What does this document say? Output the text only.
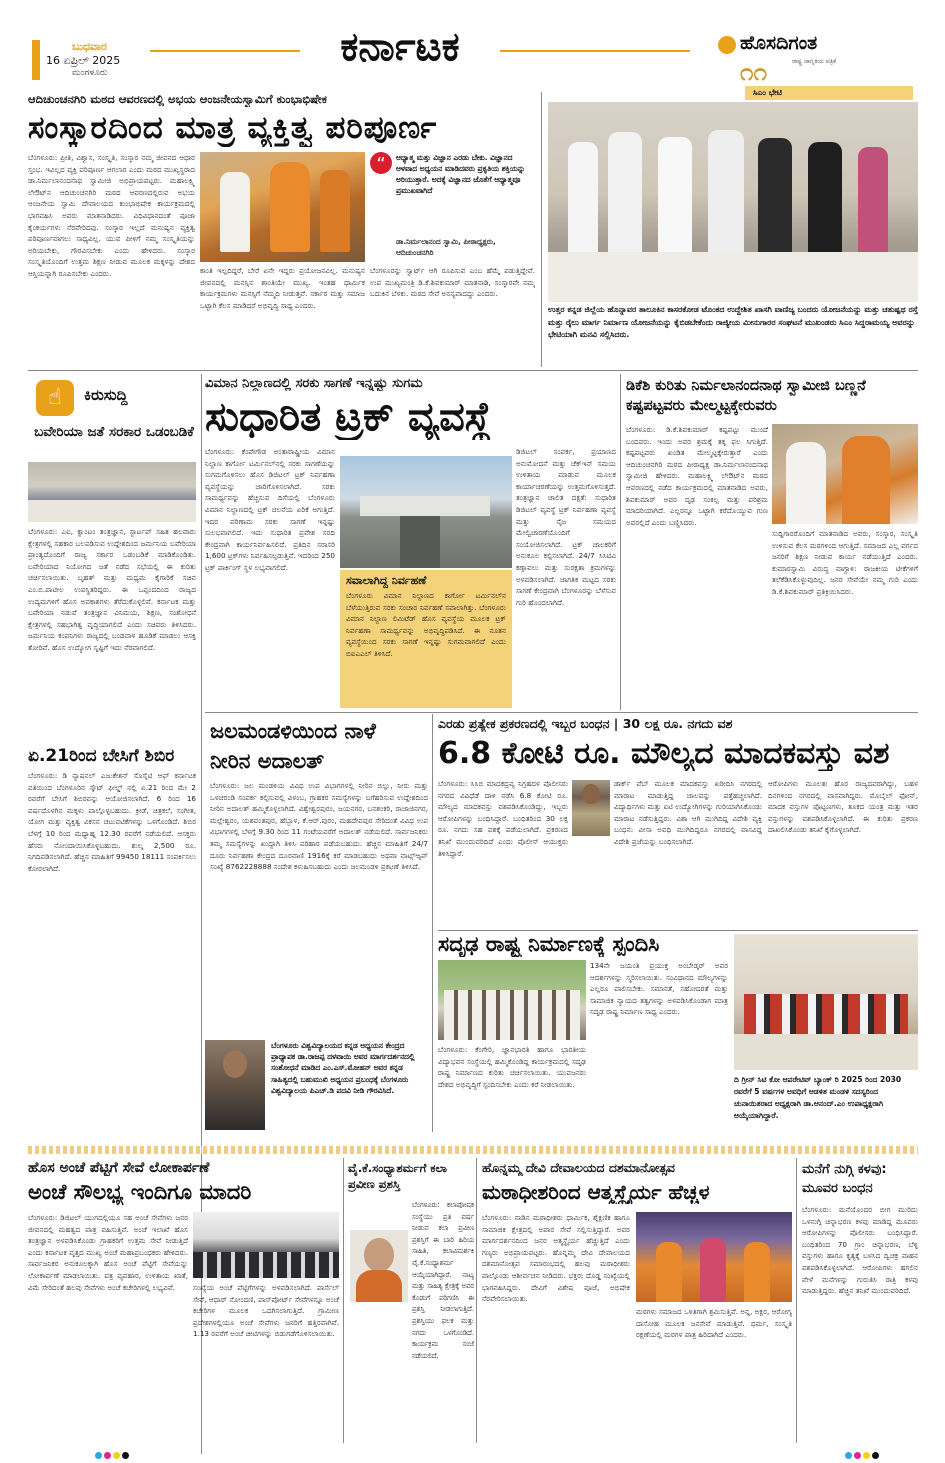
ಬುಧವಾರ
16 ಏಪ್ರಿಲ್ 2025
ಮಂಗಳೂರು
ಕರ್ನಾಟಕ	ಹೊಸದಿಗಂತ
ರಾಷ್ಟ್ರ ಜಾಗೃತಿಯ ಪತ್ರಿಕೆ
೧೧
ಆದಿಚುಂಚನಗಿರಿ ಮಠದ ಆವರಣದಲ್ಲಿ ಅಭಯ ಆಂಜನೇಯಸ್ವಾಮಿಗೆ ಕುಂಭಾಭಿಷೇಕ
ಸಂಸ್ಕಾರದಿಂದ ಮಾತ್ರ ವ್ಯಕ್ತಿತ್ವ ಪರಿಪೂರ್ಣ
ಬೆಂಗಳೂರು: ಪ್ರೀತಿ, ವಿಶ್ವಾಸ, ಸಂಸ್ಕೃತಿ, ಸಂಸ್ಕಾರ ನಮ್ಮ ಜೀವನದ ಆಧಾರ ಸ್ತಂಭ. ಇವಿಲ್ಲದ ವ್ಯಕ್ತಿ ಪರಿಪೂರ್ಣ ಆಗಲಾರ ಎಂದು ಮಠದ ಮುಖ್ಯಸ್ಥರಾದ ಡಾ.ನಿರ್ಮಲಾನಂದನಾಥ ಸ್ವಾಮೀಜಿ ಅಭಿಪ್ರಾಯಪಟ್ಟರು. ಮಹಾಲಕ್ಷ್ಮಿ ಲೇಔಟ್‌ನ ಆದಿಚುಂಚನಗಿರಿ ಮಠದ ಆವರಣದಲ್ಲಿರುವ ಅಭಯ ಆಂಜನೇಯ ಸ್ವಾಮಿ ದೇವಾಲಯದ ಕುಂಭಾಭಿಷೇಕ ಕಾರ್ಯಕ್ರಮದಲ್ಲಿ ಭಾಗವಹಿಸಿ ಅವರು ಮಾತನಾಡಿದರು. ವಿಧಿವಿಧಾನದಂತೆ ಪೂಜಾ ಕೈಂಕರ್ಯಗಳು ನೆರವೇರಿದವು. ಸಂಸ್ಕಾರ ಇಲ್ಲದೆ ಮನುಷ್ಯನ ವ್ಯಕ್ತಿತ್ವ ಪರಿಪೂರ್ಣವಾಗಲು ಸಾಧ್ಯವಿಲ್ಲ. ಯುವ ಪೀಳಿಗೆ ನಮ್ಮ ಸಂಸ್ಕೃತಿಯನ್ನು ಅರಿಯಬೇಕು, ಗೌರವಿಸಬೇಕು ಎಂದು ಹೇಳಿದರು. ಸಂಸ್ಕಾರ ಸಂಸ್ಕೃತಿಯೊಂದಿಗೆ ಉತ್ತಮ ಶಿಕ್ಷಣ ನೀಡುವ ಮೂಲಕ ಮಕ್ಕಳನ್ನು ದೇಶದ ಆಸ್ತಿಯನ್ನಾಗಿ ರೂಪಿಸಬೇಕು ಎಂದರು.
“	ಆಧ್ಯಾತ್ಮ ಮತ್ತು ವಿಜ್ಞಾನ ಎರಡು ಬೇಕು. ವಿಜ್ಞಾನದ ಆಳವಾದ ಅಧ್ಯಯನ ಮಾಡಿದವರು ಪ್ರಕೃತಿಯ ಶಕ್ತಿಯನ್ನು ಅರಿಯುತ್ತಾರೆ. ಅದಕ್ಕೆ ವಿಜ್ಞಾನದ ಜೊತೆಗೆ ಆಧ್ಯಾತ್ಮವೂ ಪ್ರಮುಖವಾಗಿದೆ
ಡಾ.ನಿರ್ಮಲಾನಂದ ಸ್ವಾಮಿ, ಪೀಠಾಧ್ಯಕ್ಷರು, ಆದಿಚುಂಚನಗಿರಿ
ಕಾಂತಿ ಇಲ್ಲದಿದ್ದರೆ, ಬೇರೆ ಏನೇ ಇದ್ದರು ಪ್ರಯೋಜನವಿಲ್ಲ. ಮನುಷ್ಯನ ಜೀವನದಲ್ಲಿ ಮನಸ್ಸಿನ ಶಾಂತಿಯೇ ಮುಖ್ಯ. ಇಂತಹ ಧಾರ್ಮಿಕ ಕಾರ್ಯಕ್ರಮಗಳು ಮನಸ್ಸಿಗೆ ನೆಮ್ಮದಿ ನೀಡುತ್ತವೆ. ಸರ್ಕಾರ ಮತ್ತು ಸಮಾಜ ಒಟ್ಟಾಗಿ ಕೆಲಸ ಮಾಡಿದರೆ ಅಭಿವೃದ್ಧಿ ಸಾಧ್ಯ ಎಂದರು.
ಬೆಂಗಳೂರನ್ನು ಸ್ವಾರ್ಟ್ ಆಗಿ ರೂಪಿಸುವ ಎಂಬ ಹೆಮ್ಮೆ ಪಡುತ್ತಿದ್ದೇವೆ. ಉಪ ಮುಖ್ಯಮಂತ್ರಿ ಡಿ.ಕೆ.ಶಿವಕುಮಾರ್ ಮಾತನಾಡಿ, ಸಂಸ್ಕಾರವೇ ನಮ್ಮ ಬದುಕಿನ ಬೆಳಕು. ಮಠದ ಸೇವೆ ಅನನ್ಯವಾದದ್ದು ಎಂದರು.
ಸಿಎಂ ಭೇಟಿ
ಉತ್ತರ ಕನ್ನಡ ಜಿಲ್ಲೆಯ ಹೊನ್ನಾವರ ತಾಲೂಕಿನ ಕಾಸರಕೋಡ ಟೊಂಕದ ಉದ್ದೇಶಿತ ಖಾಸಗಿ ವಾಣಿಜ್ಯ ಬಂದರು ಯೋಜನೆಯನ್ನು ಮತ್ತು ಚತುಷ್ಪಥ ರಸ್ತೆ ಮತ್ತು ರೈಲು ಮಾರ್ಗ ನಿರ್ಮಾಣ ಯೋಜನೆಯನ್ನು ಕೈಬಿಡಬೇಕೆಂದು ರಾಜ್ಯೀಯ ಮೀನುಗಾರರ ಸಂಘಟನೆ ಮುಖಂಡರು ಸಿಎಂ ಸಿದ್ದರಾಮಯ್ಯ ಅವರನ್ನು ಭೇಟಿಯಾಗಿ ಮನವಿ ಸಲ್ಲಿಸಿದರು.
☝	ಕಿರುಸುದ್ದಿ
ಬವೇರಿಯಾ ಜತೆ ಸರಕಾರ ಒಡಂಬಡಿಕೆ
ಬೆಂಗಳೂರು: ಎಐ, ಕ್ವಾಂಟಂ ತಂತ್ರಜ್ಞಾನ, ಸ್ಟಾರ್ಟಪ್ ಸಹಿತ ಹಲವಾರು ಕ್ಷೇತ್ರಗಳಲ್ಲಿ ಸಹಕಾರ ಬಲಪಡಿಸುವ ಉದ್ದೇಶದಿಂದ ಜರ್ಮನಿಯ ಬವೇರಿಯಾ ಪ್ರಾಂತ್ಯದೊಂದಿಗೆ ರಾಜ್ಯ ಸರ್ಕಾರ ಒಡಂಬಡಿಕೆ ಮಾಡಿಕೊಂಡಿತು. ಬವೇರಿಯಾದ ನಿಯೋಗದ ಜತೆ ನಡೆದ ಸಭೆಯಲ್ಲಿ ಈ ಕುರಿತು ಚರ್ಚಿಸಲಾಯಿತು. ಬೃಹತ್ ಮತ್ತು ಮಧ್ಯಮ ಕೈಗಾರಿಕೆ ಸಚಿವ ಎಂ.ಬಿ.ಪಾಟೀಲ ಉಪಸ್ಥಿತರಿದ್ದರು. ಈ ಒಪ್ಪಂದದಿಂದ ರಾಜ್ಯದ ಉದ್ಯಮಗಳಿಗೆ ಹೊಸ ಅವಕಾಶಗಳು ತೆರೆದುಕೊಳ್ಳಲಿವೆ. ಕರ್ನಾಟಕ ಮತ್ತು ಬವೇರಿಯಾ ನಡುವೆ ತಂತ್ರಜ್ಞಾನ ವಿನಿಮಯ, ಶಿಕ್ಷಣ, ಸಂಶೋಧನೆ ಕ್ಷೇತ್ರಗಳಲ್ಲಿ ಸಹಭಾಗಿತ್ವ ವೃದ್ಧಿಯಾಗಲಿದೆ ಎಂದು ಸಚಿವರು ತಿಳಿಸಿದರು. ಜರ್ಮನಿಯ ಕಂಪನಿಗಳು ರಾಜ್ಯದಲ್ಲಿ ಬಂಡವಾಳ ಹೂಡಿಕೆ ಮಾಡಲು ಆಸಕ್ತಿ ತೋರಿವೆ. ಹೊಸ ಉದ್ಯೋಗ ಸೃಷ್ಟಿಗೆ ಇದು ನೆರವಾಗಲಿದೆ.
ಏ.21ರಿಂದ ಬೇಸಿಗೆ ಶಿಬಿರ
ಬೆಂಗಳೂರು: ಡಿ ನ್ಯಾಷನಲ್ ಎಜುಕೇಶನ್ ಸೊಸೈಟಿ ಆಫ್ ಕರ್ನಾಟಕ ವತಿಯಿಂದ ಬೆಂಗಳೂರಿನ ಸ್ಕೌಟ್ ಫೀಲ್ಡ್ ನಲ್ಲಿ ಏ.21 ರಿಂದ ಮೇ 2 ರವರೆಗೆ ಬೇಸಿಗೆ ಶಿಬಿರವನ್ನು ಆಯೋಜಿಸಲಾಗಿದೆ. 6 ರಿಂದ 16 ವರ್ಷದೊಳಗಿನ ಮಕ್ಕಳು ಪಾಲ್ಗೊಳ್ಳಬಹುದು. ಕ್ರೀಡೆ, ಚಿತ್ರಕಲೆ, ಸಂಗೀತ, ಯೋಗ ಮತ್ತು ವ್ಯಕ್ತಿತ್ವ ವಿಕಸನ ಚಟುವಟಿಕೆಗಳನ್ನು ಒಳಗೊಂಡಿದೆ. ಶಿಬಿರ ಬೆಳಗ್ಗೆ 10 ರಿಂದ ಮಧ್ಯಾಹ್ನ 12.30 ರವರೆಗೆ ನಡೆಯಲಿದೆ. ಆಸಕ್ತರು ಹೆಸರು ನೋಂದಾಯಿಸಿಕೊಳ್ಳಬಹುದು. ಶುಲ್ಕ 2,500 ರೂ. ನಿಗದಿಪಡಿಸಲಾಗಿದೆ. ಹೆಚ್ಚಿನ ಮಾಹಿತಿಗೆ 99450 18111 ಸಂಪರ್ಕಿಸಲು ಕೋರಲಾಗಿದೆ.
ವಿಮಾನ ನಿಲ್ದಾಣದಲ್ಲಿ ಸರಕು ಸಾಗಣೆ ಇನ್ನಷ್ಟು ಸುಗಮ
ಸುಧಾರಿತ ಟ್ರಕ್ ವ್ಯವಸ್ಥೆ
ಬೆಂಗಳೂರು: ಕೆಂಪೇಗೌಡ ಅಂತಾರಾಷ್ಟ್ರೀಯ ವಿಮಾನ ನಿಲ್ದಾಣ ಕಾರ್ಗೋ ಟರ್ಮಿನಲ್‌ನಲ್ಲಿ ಸರಕು ಸಾಗಣೆಯನ್ನು ಸುಗಮಗೊಳಿಸಲು ಹೊಸ ಡಿಜಿಟಲ್ ಟ್ರಕ್ ನಿರ್ವಹಣಾ ವ್ಯವಸ್ಥೆಯನ್ನು ಜಾರಿಗೊಳಿಸಲಾಗಿದೆ. ಸರಕು ಸಾಮರ್ಥ್ಯವನ್ನು ಹೆಚ್ಚಿಸುವ ದಿಸೆಯಲ್ಲಿ ಬೆಂಗಳೂರು ವಿಮಾನ ನಿಲ್ದಾಣದಲ್ಲಿ ಟ್ರಕ್ ಚಲನೆಯ ಏರಿಕೆ ಆಗುತ್ತಿದೆ. ಇದರ ಪರಿಣಾಮ ಸರಕು ಸಾಗಣೆ ಇನ್ನಷ್ಟು ಸುಲಭವಾಗಲಿದೆ. ಇದು ಸುಧಾರಿತ ಪ್ರವೇಶ ಸರದಿ ಕೇಂದ್ರವಾಗಿ ಕಾರ್ಯನಿರ್ವಹಿಸಲಿದೆ. ಪ್ರತಿದಿನ ಸರಾಸರಿ 1,600 ಟ್ರಕ್‌ಗಳು ನಿರ್ವಹಿಸಲ್ಪಡುತ್ತಿವೆ. ಇದರಿಂದ 250 ಟ್ರಕ್ ಪಾರ್ಕಿಂಗ್ ಸ್ಥಳ ಲಭ್ಯವಾಗಲಿದೆ.
ಸವಾಲಾಗಿದ್ದ ನಿರ್ವಹಣೆ
ಬೆಂಗಳೂರು ವಿಮಾನ ನಿಲ್ದಾಣದ ಕಾರ್ಗೋ ಟರ್ಮಿನಲ್‌ನ ಬೆಳೆಯುತ್ತಿರುವ ಸರಕು ಸಂಚಾರ ನಿರ್ವಹಣೆ ಸವಾಲಾಗಿತ್ತು. ಬೆಂಗಳೂರು ವಿಮಾನ ನಿಲ್ದಾಣ ಲಿಮಿಟೆಡ್ ಹೊಸ ವ್ಯವಸ್ಥೆಯ ಮೂಲಕ ಟ್ರಕ್ ನಿರ್ವಹಣಾ ಸಾಮರ್ಥ್ಯವನ್ನು ಅಭಿವೃದ್ಧಿಪಡಿಸಿದೆ. ಈ ನೂತನ ವ್ಯವಸ್ಥೆಯಿಂದ ಸರಕು ಸಾಗಣೆ ಇನ್ನಷ್ಟು ಸುಗಮವಾಗಲಿದೆ ಎಂದು ಬಿಐಎಎಲ್ ತಿಳಿಸಿದೆ.
ಡಿಜಿಟಲ್ ಸಂಪರ್ಕ, ಪ್ರಯಾಣದ ಅನುಮೋದನೆ ಮತ್ತು ಚೆಕ್‌ಇನ್ ಸಮಯ ಉಳಿತಾಯ ಮಾಡುವ ಮೂಲಕ ಕಾರ್ಯಾಚರಣೆಯನ್ನು ಉತ್ತಮಗೊಳಿಸುತ್ತದೆ. ತಂತ್ರಜ್ಞಾನ ಚಾಲಿತ ದಕ್ಷತೆ: ಸುಧಾರಿತ ಡಿಜಿಟಲ್ ವ್ಯವಸ್ಥೆ ಟ್ರಕ್ ನಿರ್ವಹಣಾ ವ್ಯವಸ್ಥೆ ಮತ್ತು ನೈಜ ಸಮಯದ ಮೇಲ್ವಿಚಾರಣೆಯೊಂದಿಗೆ ಸಂಯೋಜಿಸಲಾಗಿದೆ. ಟ್ರಕ್ ಚಾಲಕರಿಗೆ ಅನುಕೂಲ ಕಲ್ಪಿಸಲಾಗಿದೆ. 24/7 ಸಿಸಿಟಿವಿ ಕಣ್ಗಾವಲು ಮತ್ತು ಸುರಕ್ಷತಾ ಕ್ರಮಗಳನ್ನು ಅಳವಡಿಸಲಾಗಿದೆ. ಜಾಗತಿಕ ಮಟ್ಟದ ಸರಕು ಸಾಗಣೆ ಕೇಂದ್ರವಾಗಿ ಬೆಂಗಳೂರನ್ನು ಬೆಳೆಸುವ ಗುರಿ ಹೊಂದಲಾಗಿದೆ.
ಡಿಕೆಶಿ ಕುರಿತು ನಿರ್ಮಲಾನಂದನಾಥ ಸ್ವಾಮೀಜಿ ಬಣ್ಣನೆ ಕಷ್ಟಪಟ್ಟವರು ಮೇಲ್ಮಟ್ಟಕ್ಕೇರುವರು
ಬೆಂಗಳೂರು: ಡಿ.ಕೆ.ಶಿವಕುಮಾರ್ ಕಷ್ಟಪಟ್ಟು ಮುಂದೆ ಬಂದವರು. ಇಂದು ಅವರ ಶ್ರಮಕ್ಕೆ ತಕ್ಕ ಫಲ ಸಿಗುತ್ತಿದೆ. ಕಷ್ಟಪಟ್ಟವರು ಖಂಡಿತ ಮೇಲ್ಮಟ್ಟಕ್ಕೇರುತ್ತಾರೆ ಎಂದು ಆದಿಚುಂಚನಗಿರಿ ಮಠದ ಪೀಠಾಧ್ಯಕ್ಷ ಡಾ.ನಿರ್ಮಲಾನಂದನಾಥ ಸ್ವಾಮೀಜಿ ಹೇಳಿದರು. ಮಹಾಲಕ್ಷ್ಮಿ ಲೇಔಟ್‌ನ ಮಠದ ಆವರಣದಲ್ಲಿ ನಡೆದ ಕಾರ್ಯಕ್ರಮದಲ್ಲಿ ಮಾತನಾಡಿದ ಅವರು, ಶಿವಕುಮಾರ್ ಅವರ ದೃಢ ಸಂಕಲ್ಪ ಮತ್ತು ಪರಿಶ್ರಮ ಮಾದರಿಯಾಗಿದೆ. ಎಲ್ಲರನ್ನೂ ಒಟ್ಟಾಗಿ ಕರೆದೊಯ್ಯುವ ಗುಣ ಅವರಲ್ಲಿದೆ ಎಂದು ಬಣ್ಣಿಸಿದರು.
ಸುದ್ದಿಗಾರರೊಂದಿಗೆ ಮಾತನಾಡಿದ ಅವರು, ಸಂಸ್ಕಾರ, ಸಂಸ್ಕೃತಿ ಉಳಿಸುವ ಕೆಲಸ ಮಠಗಳಿಂದ ಆಗುತ್ತಿದೆ. ಸಮಾಜದ ಎಲ್ಲ ವರ್ಗದ ಜನರಿಗೆ ಶಿಕ್ಷಣ ನೀಡುವ ಕಾರ್ಯ ನಡೆಯುತ್ತಿದೆ ಎಂದರು. ಕುಮಾರಸ್ವಾಮಿ ವಿರುದ್ಧ ವಾಗ್ದಾಳಿ: ರಾಜಕೀಯ ಟೀಕೆಗಳಿಗೆ ತಲೆಕೆಡಿಸಿಕೊಳ್ಳುವುದಿಲ್ಲ. ಜನರ ಸೇವೆಯೇ ನಮ್ಮ ಗುರಿ ಎಂದು ಡಿ.ಕೆ.ಶಿವಕುಮಾರ್ ಪ್ರತಿಕ್ರಿಯಿಸಿದರು.
ಜಲಮಂಡಳಿಯಿಂದ ನಾಳೆ ನೀರಿನ ಅದಾಲತ್
ಬೆಂಗಳೂರು: ಜಲ ಮಂಡಳಿಯ ವಿವಿಧ ಉಪ ವಿಭಾಗಗಳಲ್ಲಿ ನೀರಿನ ಬಿಲ್ಲು, ನೀರು ಮತ್ತು ಒಳಚರಂಡಿ ಸಂಪರ್ಕ ಕಲ್ಪಿಸುವಲ್ಲಿ ವಿಳಂಬ, ಗ್ರಾಹಕರ ಸಮಸ್ಯೆಗಳನ್ನು ಬಗೆಹರಿಸುವ ಉದ್ದೇಶದಿಂದ ನೀರಿನ ಅದಾಲತ್ ಹಮ್ಮಿಕೊಳ್ಳಲಾಗಿದೆ. ವಿಶ್ವೇಶ್ವರಪುರಂ, ಜಯನಗರ, ಬನಶಂಕರಿ, ರಾಜಾಜಿನಗರ, ಮಲ್ಲೇಶ್ವರಂ, ಯಶವಂತಪುರ, ಹೆಬ್ಬಾಳ, ಕೆ.ಆರ್.ಪುರಂ, ಮಹದೇವಪುರ ಸೇರಿದಂತೆ ವಿವಿಧ ಉಪ ವಿಭಾಗಗಳಲ್ಲಿ ಬೆಳಗ್ಗೆ 9.30 ರಿಂದ 11 ಗಂಟೆಯವರೆಗೆ ಅದಾಲತ್ ನಡೆಯಲಿದೆ. ಸಾರ್ವಜನಿಕರು ತಮ್ಮ ಸಮಸ್ಯೆಗಳನ್ನು ಖುದ್ದಾಗಿ ತಿಳಿಸಿ ಪರಿಹಾರ ಪಡೆಯಬಹುದು. ಹೆಚ್ಚಿನ ಮಾಹಿತಿಗೆ 24/7 ದೂರು ನಿರ್ವಹಣಾ ಕೇಂದ್ರದ ದೂರವಾಣಿ 1916ಕ್ಕೆ ಕರೆ ಮಾಡಬಹುದು ಅಥವಾ ವಾಟ್ಸ್ಆ್ಯಪ್ ಸಂಖ್ಯೆ 8762228888 ಸಂದೇಶ ಕಳುಹಿಸಬಹುದು ಎಂದು ಜಲಮಂಡಳಿ ಪ್ರಕಟಣೆ ತಿಳಿಸಿದೆ.
ಬೆಂಗಳೂರು ವಿಶ್ವವಿದ್ಯಾಲಯದ ಕನ್ನಡ ಅಧ್ಯಯನ ಕೇಂದ್ರದ ಪ್ರಾಧ್ಯಾಪಕ ಡಾ.ರಾಜಪ್ಪ ದಳವಾಯಿ ಅವರ ಮಾರ್ಗದರ್ಶನದಲ್ಲಿ ಸಂಶೋಧನೆ ಮಾಡಿದ ಎಂ.ಎಸ್.ಮೋಹನ್ ಅವರ ಕನ್ನಡ ಸಾಹಿತ್ಯದಲ್ಲಿ ಬಹುಮುಖಿ ಅಧ್ಯಯನ ಪ್ರಬಂಧಕ್ಕೆ ಬೆಂಗಳೂರು ವಿಶ್ವವಿದ್ಯಾಲಯ ಪಿಎಚ್.ಡಿ ಪದವಿ ನೀಡಿ ಗೌರವಿಸಿದೆ.
ಎರಡು ಪ್ರತ್ಯೇಕ ಪ್ರಕರಣದಲ್ಲಿ ಇಬ್ಬರ ಬಂಧನ | 30 ಲಕ್ಷ ರೂ. ನಗದು ವಶ
6.8 ಕೋಟಿ ರೂ. ಮೌಲ್ಯದ ಮಾದಕವಸ್ತು ವಶ
ಬೆಂಗಳೂರು: ಸಿಸಿಬಿ ಮಾದಕದ್ರವ್ಯ ನಿಗ್ರಹದಳ ಪೊಲೀಸರು ನಗರದ ವಿವಿಧೆಡೆ ದಾಳಿ ನಡೆಸಿ 6.8 ಕೋಟಿ ರೂ. ಮೌಲ್ಯದ ಮಾದಕವಸ್ತು ವಶಪಡಿಸಿಕೊಂಡಿದ್ದು, ಇಬ್ಬರು ಆರೋಪಿಗಳನ್ನು ಬಂಧಿಸಿದ್ದಾರೆ. ಬಂಧಿತರಿಂದ 30 ಲಕ್ಷ ರೂ. ನಗದು ಸಹ ವಶಕ್ಕೆ ಪಡೆಯಲಾಗಿದೆ. ಪ್ರಕರಣದ ತನಿಖೆ ಮುಂದುವರಿದಿದೆ ಎಂದು ಪೊಲೀಸ್ ಆಯುಕ್ತರು ತಿಳಿಸಿದ್ದಾರೆ.
ಡಾರ್ಕ್ ವೆಬ್ ಮೂಲಕ ಮಾದಕವಸ್ತು ಖರೀದಿಸಿ ನಗರದಲ್ಲಿ ಮಾರಾಟ ಮಾಡುತ್ತಿದ್ದ ಜಾಲವನ್ನು ಪತ್ತೆಹಚ್ಚಲಾಗಿದೆ. ವಿದ್ಯಾರ್ಥಿಗಳು ಮತ್ತು ಐಟಿ ಉದ್ಯೋಗಿಗಳನ್ನು ಗುರಿಯಾಗಿಸಿಕೊಂಡು ಮಾರಾಟ ನಡೆಸುತ್ತಿದ್ದರು. ವಿಶಾ ಆಗಿ ಮುಗಿದಿದ್ದ ವಿದೇಶಿ ವ್ಯಕ್ತಿ ಬಂಧನ: ವೀಸಾ ಅವಧಿ ಮುಗಿದಿದ್ದರೂ ನಗರದಲ್ಲಿ ವಾಸವಿದ್ದ ವಿದೇಶಿ ಪ್ರಜೆಯನ್ನು ಬಂಧಿಸಲಾಗಿದೆ.
ಆರೋಪಿಗಳು ಮೂಲತಃ ಹೊರ ರಾಜ್ಯದವರಾಗಿದ್ದು, ಬಹಳ ದಿನಗಳಿಂದ ನಗರದಲ್ಲಿ ವಾಸವಾಗಿದ್ದರು. ಮೊಬೈಲ್ ಫೋನ್, ಮಾದಕ ವಸ್ತುಗಳ ಪೊಟ್ಟಣಗಳು, ತೂಕದ ಯಂತ್ರ ಮತ್ತು ಇತರ ವಸ್ತುಗಳನ್ನು ವಶಪಡಿಸಿಕೊಳ್ಳಲಾಗಿದೆ. ಈ ಕುರಿತು ಪ್ರಕರಣ ದಾಖಲಿಸಿಕೊಂಡು ತನಿಖೆ ಕೈಗೊಳ್ಳಲಾಗಿದೆ.
ಸದೃಢ ರಾಷ್ಟ್ರ ನಿರ್ಮಾಣಕ್ಕೆ ಸ್ಪಂದಿಸಿ
ಬೆಂಗಳೂರು: ಕೆಂಗೇರಿ, ಜ್ಞಾನಭಾರತಿ ಹಾಗೂ ಭಾರತೀಯ ವಿದ್ಯಾಭವನ ಸಂಸ್ಥೆಯಲ್ಲಿ ಹಮ್ಮಿಕೊಂಡಿದ್ದ ಕಾರ್ಯಕ್ರಮದಲ್ಲಿ ಸದೃಢ ರಾಷ್ಟ್ರ ನಿರ್ಮಾಣದ ಕುರಿತು ಚರ್ಚಿಸಲಾಯಿತು. ಯುವಜನರು ದೇಶದ ಅಭಿವೃದ್ಧಿಗೆ ಸ್ಪಂದಿಸಬೇಕು ಎಂದು ಕರೆ ನೀಡಲಾಯಿತು.
134ನೇ ಜಯಂತಿ ಪ್ರಯುಕ್ತ ಅಂಬೇಡ್ಕರ್ ಅವರ ಆದರ್ಶಗಳನ್ನು ಸ್ಮರಿಸಲಾಯಿತು. ಸಂವಿಧಾನದ ಮೌಲ್ಯಗಳನ್ನು ಎಲ್ಲರೂ ಪಾಲಿಸಬೇಕು. ಸಮಾನತೆ, ಸಹೋದರತೆ ಮತ್ತು ಸಾಮಾಜಿಕ ನ್ಯಾಯದ ತತ್ವಗಳನ್ನು ಅಳವಡಿಸಿಕೊಂಡಾಗ ಮಾತ್ರ ಸದೃಢ ರಾಷ್ಟ್ರ ನಿರ್ಮಾಣ ಸಾಧ್ಯ ಎಂದರು.
ದಿ ಗ್ರೀನ್ ಸಿಟಿ ಕೋ ಆಪರೇಟಿವ್ ಬ್ಯಾಂಕ್ ರಿ 2025 ರಿಂದ 2030 ರವರೆಗೆ 5 ವರ್ಷಗಳ ಅವಧಿಗೆ ಆಡಳಿತ ಮಂಡಳಿ ಸದಸ್ಯರಿಂದ ಚುನಾಯಿತರಾದ ಅಧ್ಯಕ್ಷರಾಗಿ ಡಾ.ಆನಂದ್.ಎಂ ಉಪಾಧ್ಯಕ್ಷರಾಗಿ ಆಯ್ಕೆಯಾಗಿದ್ದಾರೆ.
ಹೊಸ ಅಂಚೆ ಪೆಟ್ಟಿಗೆ ಸೇವೆ ಲೋಕಾರ್ಪಣೆ
ಅಂಚೆ ಸೌಲಭ್ಯ ಇಂದಿಗೂ ಮಾದರಿ
ಬೆಂಗಳೂರು: ಡಿಜಿಟಲ್ ಯುಗದಲ್ಲಿಯೂ ಸಹ ಅಂಚೆ ಸೇವೆಗಳು ಜನರ ಜೀವನದಲ್ಲಿ ಮಹತ್ವದ ಪಾತ್ರ ವಹಿಸುತ್ತಿವೆ. ಅಂಚೆ ಇಲಾಖೆ ಹೊಸ ತಂತ್ರಜ್ಞಾನ ಅಳವಡಿಸಿಕೊಂಡು ಗ್ರಾಹಕರಿಗೆ ಉತ್ತಮ ಸೇವೆ ನೀಡುತ್ತಿದೆ ಎಂದು ಕರ್ನಾಟಕ ವೃತ್ತದ ಮುಖ್ಯ ಅಂಚೆ ಮಹಾಪ್ರಬಂಧಕರು ಹೇಳಿದರು. ಸಾರ್ವಜನಿಕರ ಅನುಕೂಲಕ್ಕಾಗಿ ಹೊಸ ಅಂಚೆ ಪೆಟ್ಟಿಗೆ ಸೇವೆಯನ್ನು ಲೋಕಾರ್ಪಣೆ ಮಾಡಲಾಯಿತು. ಪತ್ರ ವ್ಯವಹಾರ, ಉಳಿತಾಯ ಖಾತೆ, ವಿಮೆ ಸೇರಿದಂತೆ ಹಲವು ಸೇವೆಗಳು ಅಂಚೆ ಕಚೇರಿಗಳಲ್ಲಿ ಲಭ್ಯವಿವೆ.	ಸಂಖ್ಯೆಯ ಅಂಚೆ ಪೆಟ್ಟಿಗೆಗಳನ್ನು ಅಳವಡಿಸಲಾಗಿದೆ. ಪಾರ್ಸೆಲ್ ಸೇವೆ, ಆಧಾರ್ ನೋಂದಣಿ, ಪಾಸ್‌ಪೋರ್ಟ್ ಸೇವೆಗಳನ್ನೂ ಅಂಚೆ ಕಚೇರಿಗಳ ಮೂಲಕ ಒದಗಿಸಲಾಗುತ್ತಿದೆ. ಗ್ರಾಮೀಣ ಪ್ರದೇಶಗಳಲ್ಲಿಯೂ ಅಂಚೆ ಸೇವೆಗಳು ಜನರಿಗೆ ಹತ್ತಿರವಾಗಿವೆ. 1.13 ರವರೆಗೆ ಅಂಚೆ ಚೀಟಿಗಳನ್ನು ಬಿಡುಗಡೆಗೊಳಿಸಲಾಯಿತು.
ವೈ.ಕೆ.ಸಂಧ್ಯಾಶರ್ಮಗೆ ಕಲಾ ಪ್ರವೀಣ ಪ್ರಶಸ್ತಿ
ಬೆಂಗಳೂರು: ಕಲಾಪೋಷಕ ಸಂಸ್ಥೆಯು ಪ್ರತಿ ವರ್ಷ ನೀಡುವ ಕಲಾ ಪ್ರವೀಣ ಪ್ರಶಸ್ತಿಗೆ ಈ ಬಾರಿ ಹಿರಿಯ ಸಾಹಿತಿ, ಕಲಾವಿಮರ್ಶಕಿ ವೈ.ಕೆ.ಸಂಧ್ಯಾಶರ್ಮ ಆಯ್ಕೆಯಾಗಿದ್ದಾರೆ. ನಾಟ್ಯ ಮತ್ತು ಸಾಹಿತ್ಯ ಕ್ಷೇತ್ರಕ್ಕೆ ಅವರ ಕೊಡುಗೆ ಪರಿಗಣಿಸಿ ಈ ಪ್ರಶಸ್ತಿ ನೀಡಲಾಗುತ್ತಿದೆ. ಪ್ರಶಸ್ತಿಯು ಫಲಕ ಮತ್ತು ನಗದು ಒಳಗೊಂಡಿದೆ. ಕಾರ್ಯಕ್ರಮ ಸಂಜೆ ನಡೆಯಲಿದೆ.
ಹೊನ್ನಮ್ಮ ದೇವಿ ದೇವಾಲಯದ ದಶಮಾನೋತ್ಸವ
ಮಠಾಧೀಶರಿಂದ ಆತ್ಮಸ್ಥೈರ್ಯ ಹೆಚ್ಚಳ
ಬೆಂಗಳೂರು: ನಾಡಿನ ಮಠಾಧೀಶರು ಧಾರ್ಮಿಕ, ಶೈಕ್ಷಣಿಕ ಹಾಗೂ ಸಾಮಾಜಿಕ ಕ್ಷೇತ್ರದಲ್ಲಿ ಅಪಾರ ಸೇವೆ ಸಲ್ಲಿಸುತ್ತಿದ್ದಾರೆ. ಅವರ ಮಾರ್ಗದರ್ಶನದಿಂದ ಜನರ ಆತ್ಮಸ್ಥೈರ್ಯ ಹೆಚ್ಚುತ್ತಿದೆ ಎಂದು ಗಣ್ಯರು ಅಭಿಪ್ರಾಯಪಟ್ಟರು. ಹೊನ್ನಮ್ಮ ದೇವಿ ದೇವಾಲಯದ ದಶಮಾನೋತ್ಸವ ಸಮಾರಂಭದಲ್ಲಿ ಹಲವು ಮಠಾಧೀಶರು ಪಾಲ್ಗೊಂಡು ಆಶೀರ್ವಚನ ನೀಡಿದರು. ಭಕ್ತರು ದೊಡ್ಡ ಸಂಖ್ಯೆಯಲ್ಲಿ ಭಾಗವಹಿಸಿದ್ದರು. ದೇವಿಗೆ ವಿಶೇಷ ಪೂಜೆ, ಅಭಿಷೇಕ ನೆರವೇರಿಸಲಾಯಿತು.
ಮಠಗಳು ಸಮಾಜದ ಒಳಿತಿಗಾಗಿ ಶ್ರಮಿಸುತ್ತಿವೆ. ಅನ್ನ, ಅಕ್ಷರ, ಆರೋಗ್ಯ ದಾಸೋಹ ಮೂಲಕ ಜನಸೇವೆ ಮಾಡುತ್ತಿವೆ. ಧರ್ಮ, ಸಂಸ್ಕೃತಿ ರಕ್ಷಣೆಯಲ್ಲಿ ಮಠಗಳ ಪಾತ್ರ ಹಿರಿದಾಗಿದೆ ಎಂದರು.
ಮನೆಗೆ ನುಗ್ಗಿ ಕಳವು: ಮೂವರ ಬಂಧನ
ಬೆಂಗಳೂರು: ಮನೆಯೊಂದರ ಬೀಗ ಮುರಿದು ಒಳನುಗ್ಗಿ ಚಿನ್ನಾಭರಣ ಕಳವು ಮಾಡಿದ್ದ ಮೂವರು ಆರೋಪಿಗಳನ್ನು ಪೊಲೀಸರು ಬಂಧಿಸಿದ್ದಾರೆ. ಬಂಧಿತರಿಂದ 70 ಗ್ರಾಂ ಚಿನ್ನಾಭರಣ, ಬೆಳ್ಳಿ ವಸ್ತುಗಳು ಹಾಗೂ ಕೃತ್ಯಕ್ಕೆ ಬಳಸಿದ ದ್ವಿಚಕ್ರ ವಾಹನ ವಶಪಡಿಸಿಕೊಳ್ಳಲಾಗಿದೆ. ಆರೋಪಿಗಳು ಹಗಲಿನ ವೇಳೆ ಮನೆಗಳನ್ನು ಗುರುತಿಸಿ ರಾತ್ರಿ ಕಳವು ಮಾಡುತ್ತಿದ್ದರು. ಹೆಚ್ಚಿನ ತನಿಖೆ ಮುಂದುವರಿದಿದೆ.
